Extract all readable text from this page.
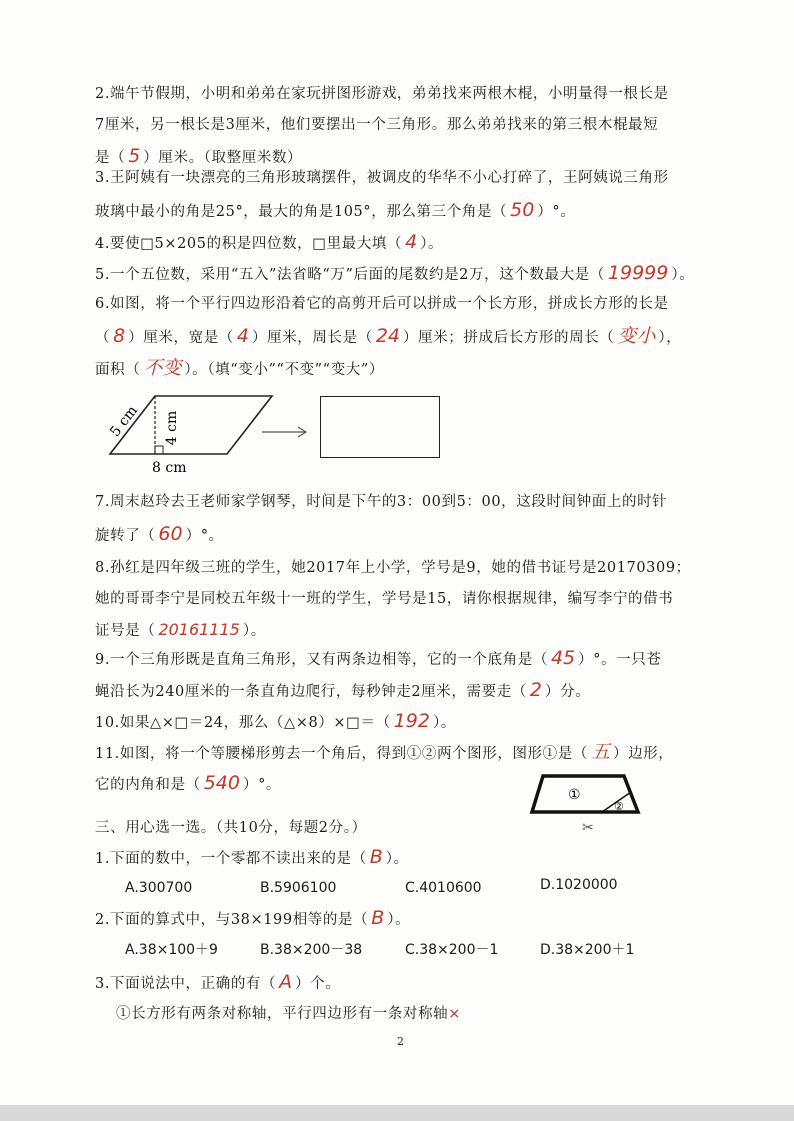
2.端午节假期，小明和弟弟在家玩拼图形游戏，弟弟找来两根木棍，小明量得一根长是
7厘米，另一根长是3厘米，他们要摆出一个三角形。那么弟弟找来的第三根木棍最短
是（ 5 ）厘米。（取整厘米数）
3.王阿姨有一块漂亮的三角形玻璃摆件，被调皮的华华不小心打碎了，王阿姨说三角形
玻璃中最小的角是25°，最大的角是105°，那么第三个角是（ 50 ）°。
4.要使□5×205的积是四位数，□里最大填（ 4 ）。
5.一个五位数，采用“五入”法省略“万”后面的尾数约是2万，这个数最大是（ 19999 ）。
6.如图，将一个平行四边形沿着它的高剪开后可以拼成一个长方形，拼成长方形的长是
（ 8 ）厘米，宽是（ 4 ）厘米，周长是（ 24 ）厘米；拼成后长方形的周长（ 变小 ），
面积（ 不变 ）。（填“变小”“不变”“变大”）
5 cm 4 cm
8 cm
7.周末赵玲去王老师家学钢琴，时间是下午的3：00到5：00，这段时间钟面上的时针
旋转了（ 60 ）°。
8.孙红是四年级三班的学生，她2017年上小学，学号是9，她的借书证号是20170309；
她的哥哥李宁是同校五年级十一班的学生，学号是15，请你根据规律，编写李宁的借书
证号是（ 20161115 ）。
9.一个三角形既是直角三角形，又有两条边相等，它的一个底角是（ 45 ）°。一只苍
蝇沿长为240厘米的一条直角边爬行，每秒钟走2厘米，需要走（ 2 ）分。
10.如果△×□＝24，那么（△×8）×□＝（ 192 ）。
11.如图，将一个等腰梯形剪去一个角后，得到①②两个图形，图形①是（ 五 ）边形，
它的内角和是（ 540 ）°。
①
②
✂
三、用心选一选。（共10分，每题2分。）
1.下面的数中，一个零都不读出来的是（ B ）。
A.300700	B.5906100	C.4010600	D.1020000
2.下面的算式中，与38×199相等的是（ B ）。
A.38×100＋9	B.38×200－38	C.38×200－1	D.38×200＋1
3.下面说法中，正确的有（ A ）个。
①长方形有两条对称轴，平行四边形有一条对称轴×
2
